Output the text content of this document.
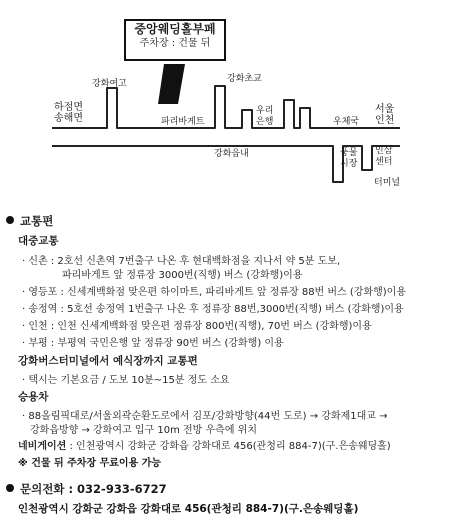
중앙웨딩홀부페
주차장 : 건물 뒤
하점면
송해면
강화여고
파리바게트
강화초교
우리
은행	우체국
서울
인천
강화읍내	풍물
시장
인삼
센터
터미널
교통편
대중교통
· 신촌 : 2호선 신촌역 7번출구 나온 후 현대백화점을 지나서 약 5분 도보,
파리바게트 앞 정류장 3000번(직행) 버스 (강화행)이용
· 영등포 : 신세계백화점 맞은편 하이마트, 파리바게트 앞 정류장 88번 버스 (강화행)이용
· 송정역 : 5호선 송정역 1번출구 나온 후 정류장 88번,3000번(직행) 버스 (강화행)이용
· 인천 : 인천 신세계백화점 맞은편 정류장 800번(직행), 70번 버스 (강화행)이용
· 부평 : 부평역 국민은행 앞 정류장 90번 버스 (강화행) 이용
강화버스터미널에서 예식장까지 교통편
· 택시는 기본요금 / 도보 10분~15분 정도 소요
승용차
· 88올림픽대로/서울외곽순환도로에서 김포/강화방향(44번 도로) → 강화제1대교 →
강화읍방향 → 강화여고 입구 10m 전방 우측에 위치
네비게이션 : 인천광역시 강화군 강화읍 강화대로 456(관청리 884-7)(구.은송웨딩홀)
※ 건물 뒤 주차장 무료이용 가능
문의전화 : 032-933-6727
인천광역시 강화군 강화읍 강화대로 456(관청리 884-7)(구.은송웨딩홀)
